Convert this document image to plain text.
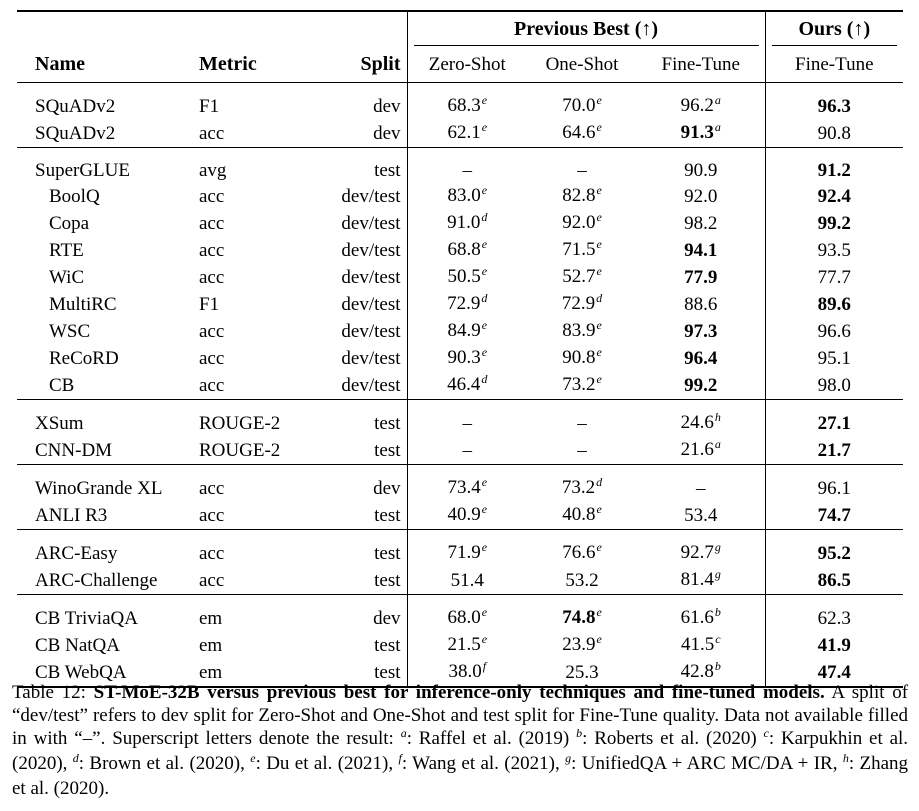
			Previous Best (↑)			Ours (↑)
Name	Metric	Split	Zero-Shot	One-Shot	Fine-Tune	Fine-Tune
SQuADv2	F1	dev	68.3e	70.0e	96.2$^a$	96.3
SQuADv2	acc	dev	62.1e	64.6e	91.3$^a$	90.8
SuperGLUE	avg	test	–	–	90.9	91.2
BoolQ	acc	dev/test	83.0e	82.8e	92.0	92.4
Copa	acc	dev/test	91.0$^d$	92.0e	98.2	99.2
RTE	acc	dev/test	68.8e	71.5e	94.1	93.5
WiC	acc	dev/test	50.5e	52.7e	77.9	77.7
MultiRC	F1	dev/test	72.9$^d$	72.9$^d$	88.6	89.6
WSC	acc	dev/test	84.9e	83.9e	97.3	96.6
ReCoRD	acc	dev/test	90.3e	90.8e	96.4	95.1
CB	acc	dev/test	46.4$^d$	73.2e	99.2	98.0
XSum	ROUGE-2	test	–	–	24.6$^h$	27.1
CNN-DM	ROUGE-2	test	–	–	21.6$^a$	21.7
WinoGrande XL	acc	dev	73.4e	73.2$^d$	–	96.1
ANLI R3	acc	test	40.9e	40.8e	53.4	74.7
ARC-Easy	acc	test	71.9e	76.6e	92.7$^g$	95.2
ARC-Challenge	acc	test	51.4	53.2	81.4$^g$	86.5
CB TriviaQA	em	dev	68.0e	74.8e	61.6$^b$	62.3
CB NatQA	em	test	21.5e	23.9e	41.5$^c$	41.9
CB WebQA	em	test	38.0$^f$	25.3	42.8$^b$	47.4
Table 12: ST-MoE-32B versus previous best for inference-only techniques and fine-tuned models. A split of “dev/test” refers to dev split for Zero-Shot and One-Shot and test split for Fine-Tune quality. Data not available filled in with “–”. Superscript letters denote the result: $^a$: Raffel et al. (2019) $^b$: Roberts et al. (2020) $^c$: Karpukhin et al. (2020), $^d$: Brown et al. (2020), $^e$: Du et al. (2021), $^f$: Wang et al. (2021), $^g$: UnifiedQA + ARC MC/DA + IR, $^h$: Zhang et al. (2020).
